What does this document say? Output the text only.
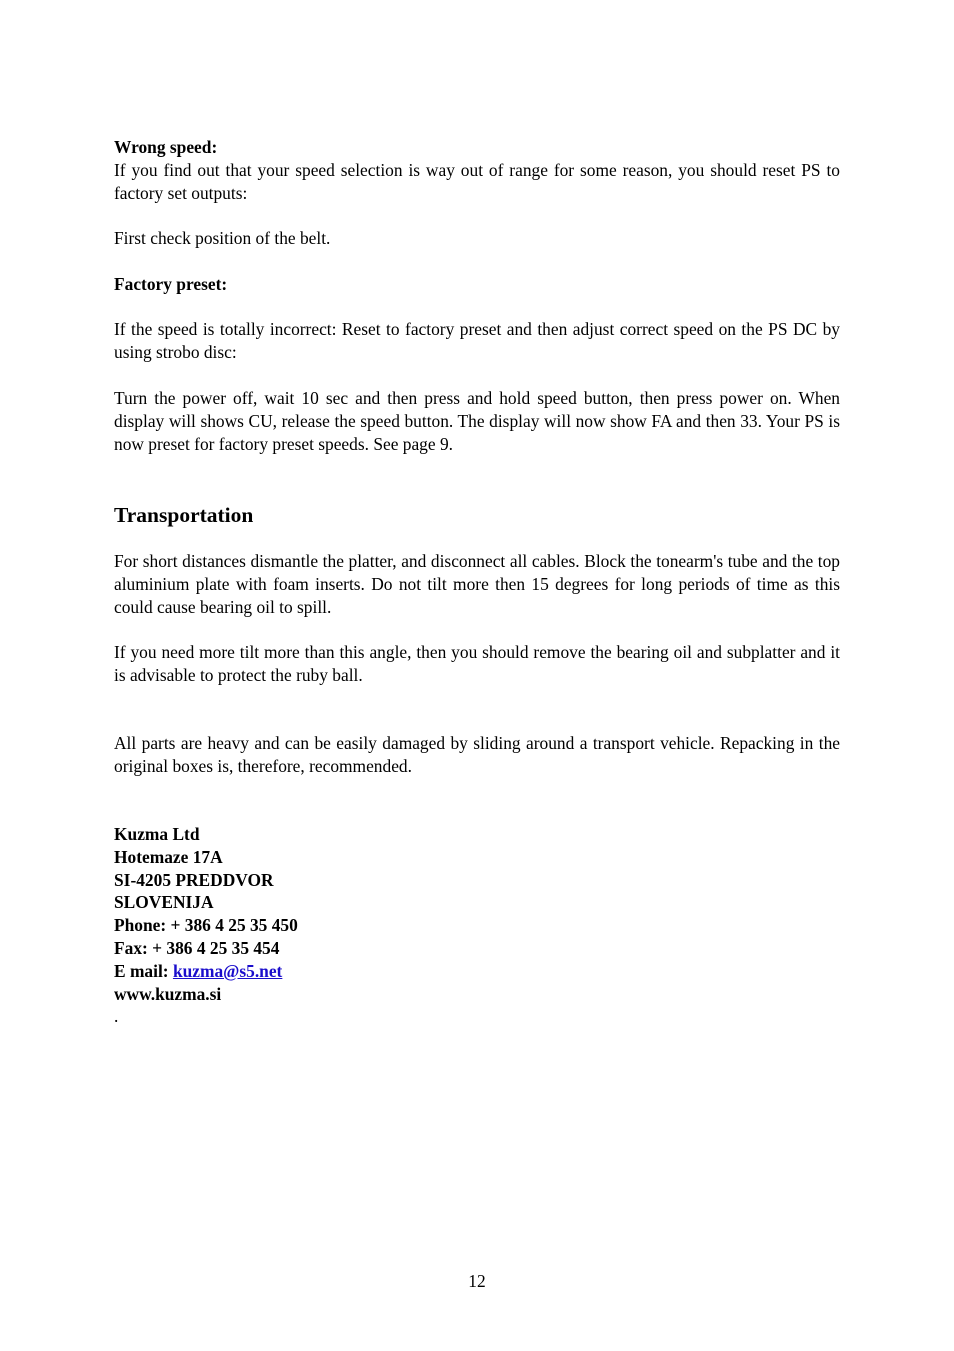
Wrong speed:
If you find out that your speed selection is way out of range for some reason, you should reset PS to factory set outputs:
First check position of the belt.
Factory preset:
If the speed is totally incorrect: Reset to factory preset and then adjust correct speed on the PS DC by using strobo disc:
Turn the power off, wait 10 sec and then press and hold speed button, then press power on. When display will shows CU, release the speed button. The display will now show FA and then 33. Your PS is now preset for factory preset speeds. See page 9.
Transportation
For short distances dismantle the platter, and disconnect all cables. Block the tonearm's tube and the top aluminium plate with foam inserts. Do not tilt more then 15 degrees for long periods of time as this could cause bearing oil to spill.
If you need more tilt more than this angle, then you should remove the bearing oil and subplatter and it is advisable to protect the ruby ball.
All parts are heavy and can be easily damaged by sliding around a transport vehicle. Repacking in the original boxes is, therefore, recommended.
Kuzma Ltd
Hotemaze 17A
SI-4205 PREDDVOR
SLOVENIJA
Phone: + 386 4 25 35 450
Fax: + 386 4 25 35 454
E mail: kuzma@s5.net
www.kuzma.si
.
12
